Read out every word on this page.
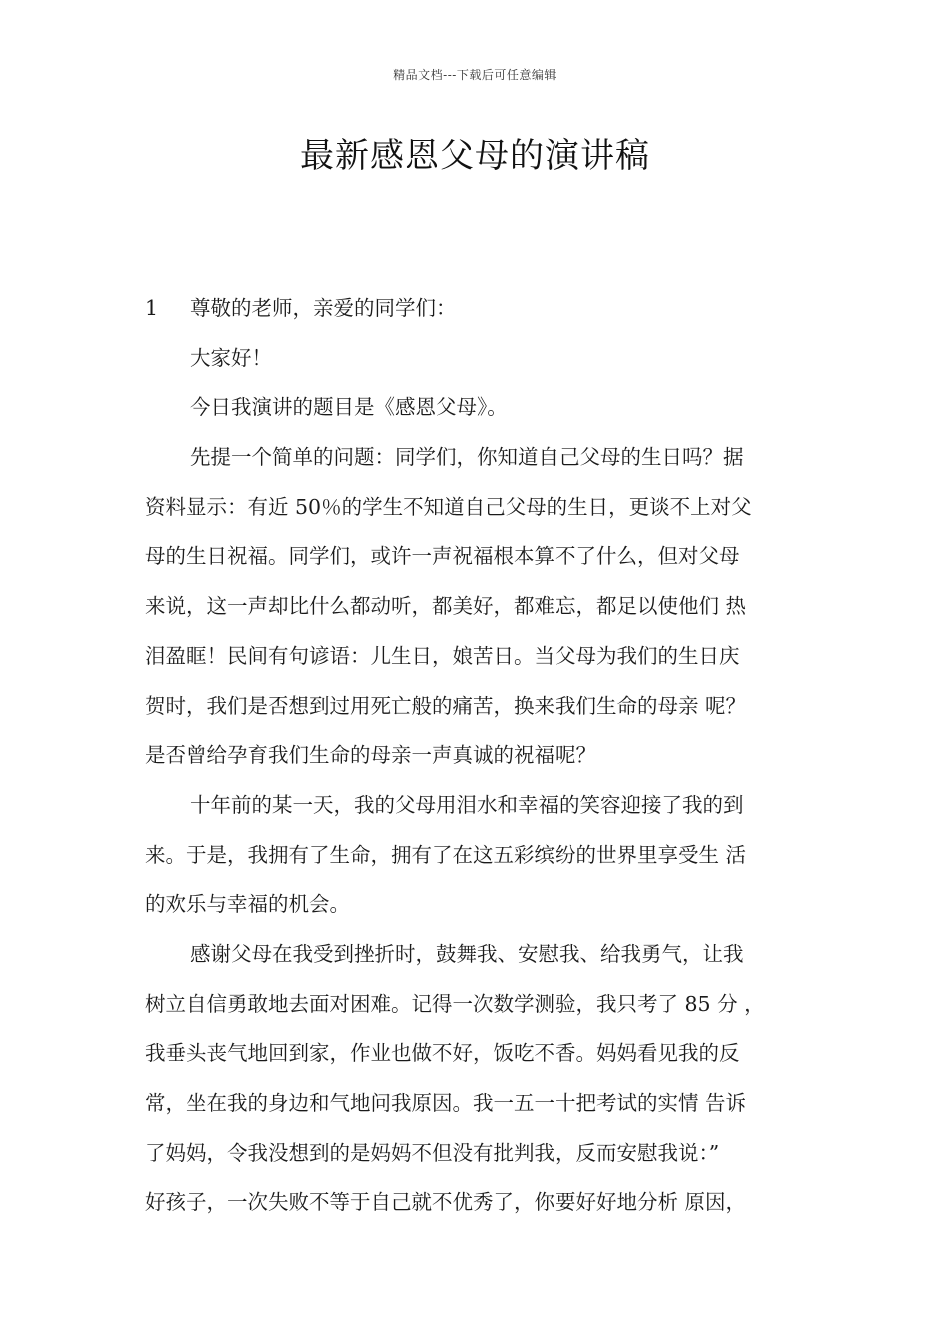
精品文档---下载后可任意编辑
最新感恩父母的演讲稿
1 尊敬的老师，亲爱的同学们：
大家好！
今日我演讲的题目是《感恩父母》。
先提一个简单的问题：同学们，你知道自己父母的生日吗？据
资料显示：有近 50％的学生不知道自己父母的生日，更谈不上对父
母的生日祝福。同学们，或许一声祝福根本算不了什么，但对父母
来说，这一声却比什么都动听，都美好，都难忘，都足以使他们 热
泪盈眶！民间有句谚语：儿生日，娘苦日。当父母为我们的生日庆
贺时，我们是否想到过用死亡般的痛苦，换来我们生命的母亲 呢？
是否曾给孕育我们生命的母亲一声真诚的祝福呢？
十年前的某一天，我的父母用泪水和幸福的笑容迎接了我的到
来。于是，我拥有了生命，拥有了在这五彩缤纷的世界里享受生 活
的欢乐与幸福的机会。
感谢父母在我受到挫折时，鼓舞我、安慰我、给我勇气，让我
树立自信勇敢地去面对困难。记得一次数学测验，我只考了 85 分 ，
我垂头丧气地回到家，作业也做不好，饭吃不香。妈妈看见我的反
常，坐在我的身边和气地问我原因。我一五一十把考试的实情 告诉
了妈妈，令我没想到的是妈妈不但没有批判我，反而安慰我说：”
好孩子，一次失败不等于自己就不优秀了，你要好好地分析 原因，
